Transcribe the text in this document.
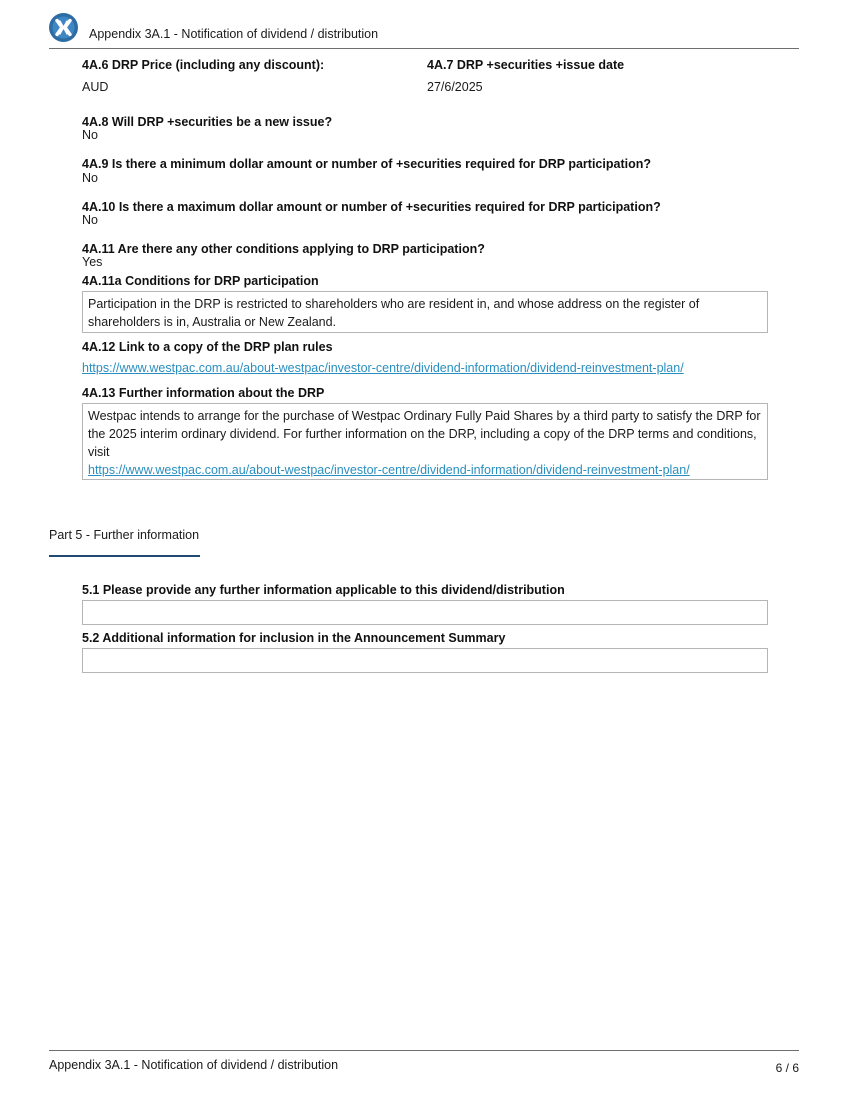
Appendix 3A.1 - Notification of dividend / distribution
4A.6 DRP Price (including any discount):
AUD
4A.7 DRP +securities +issue date
27/6/2025
4A.8 Will DRP +securities be a new issue?
No
4A.9 Is there a minimum dollar amount or number of +securities required for DRP participation?
No
4A.10 Is there a maximum dollar amount or number of +securities required for DRP participation?
No
4A.11 Are there any other conditions applying to DRP participation?
Yes
4A.11a Conditions for DRP participation
Participation in the DRP is restricted to shareholders who are resident in, and whose address on the register of shareholders is in, Australia or New Zealand.
4A.12 Link to a copy of the DRP plan rules
https://www.westpac.com.au/about-westpac/investor-centre/dividend-information/dividend-reinvestment-plan/
4A.13 Further information about the DRP
Westpac intends to arrange for the purchase of Westpac Ordinary Fully Paid Shares by a third party to satisfy the DRP for the 2025 interim ordinary dividend. For further information on the DRP, including a copy of the DRP terms and conditions, visit
https://www.westpac.com.au/about-westpac/investor-centre/dividend-information/dividend-reinvestment-plan/
Part 5 - Further information
5.1 Please provide any further information applicable to this dividend/distribution
5.2 Additional information for inclusion in the Announcement Summary
Appendix 3A.1 - Notification of dividend / distribution	6 / 6
